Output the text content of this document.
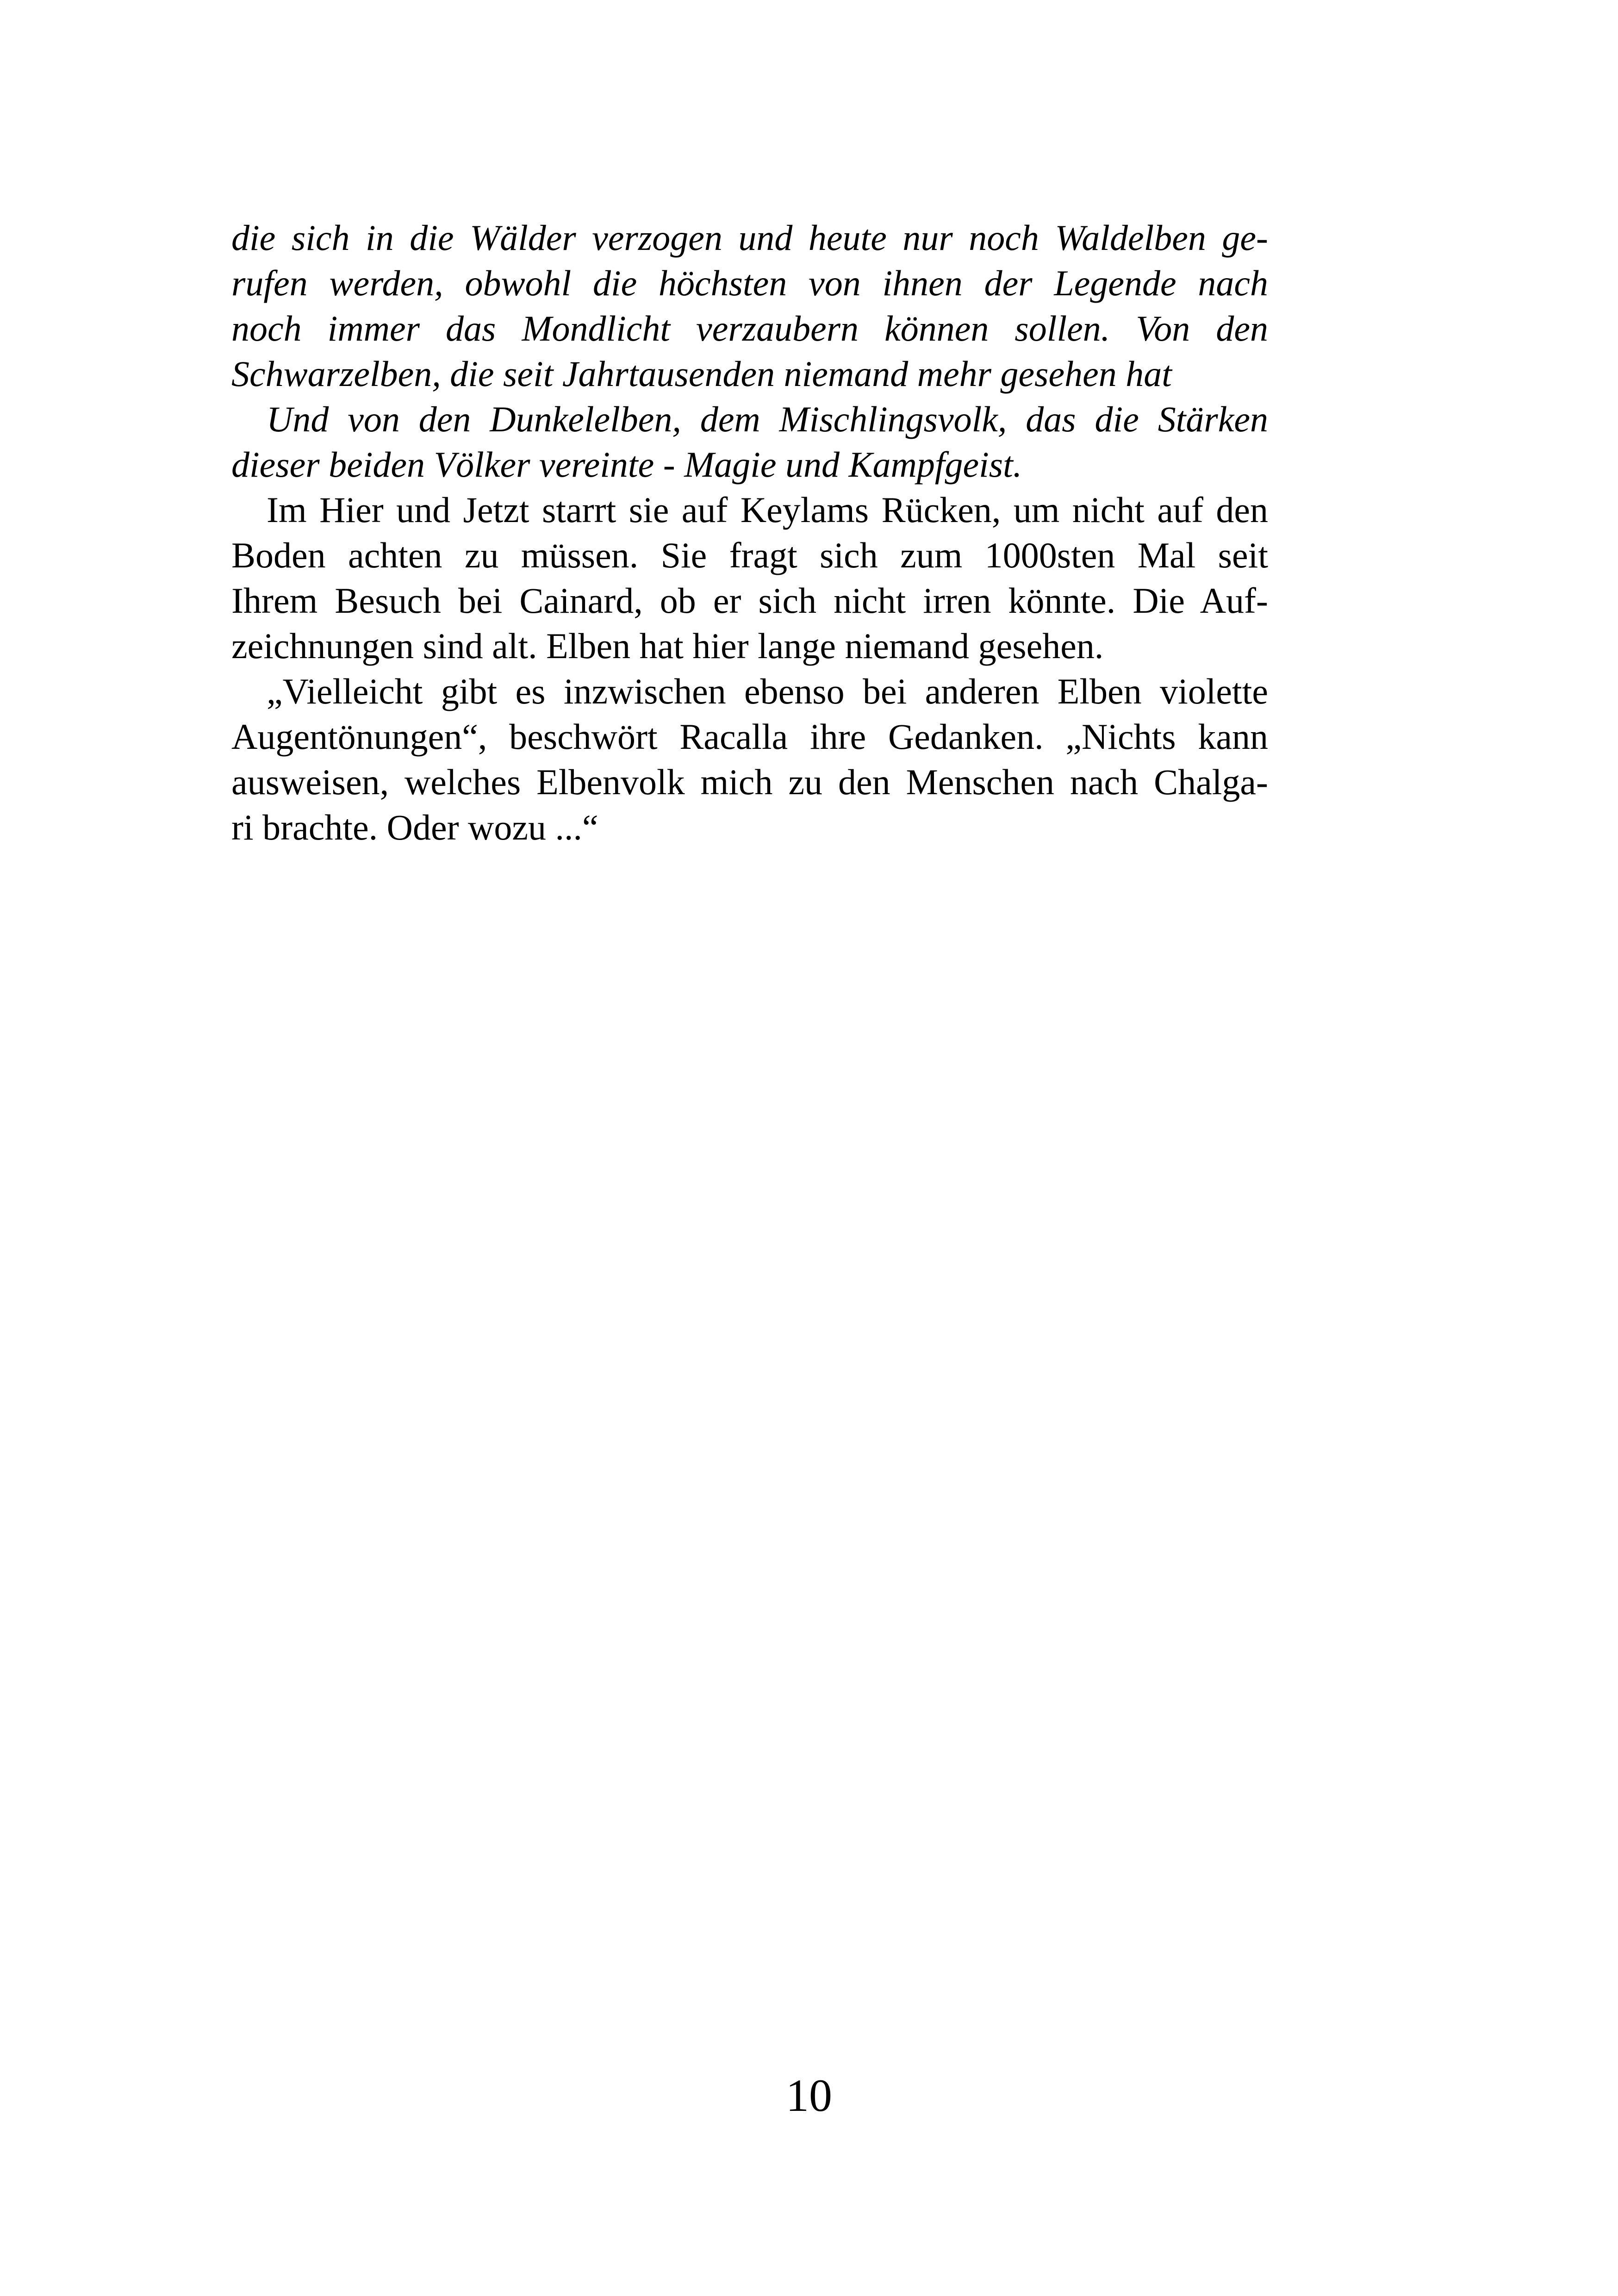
die sich in die Wälder verzogen und heute nur noch Waldelben ge-
rufen werden, obwohl die höchsten von ihnen der Legende nach
noch immer das Mondlicht verzaubern können sollen. Von den
Schwarzelben, die seit Jahrtausenden niemand mehr gesehen hat
Und von den Dunkelelben, dem Mischlingsvolk, das die Stärken
dieser beiden Völker vereinte - Magie und Kampfgeist.
Im Hier und Jetzt starrt sie auf Keylams Rücken, um nicht auf den
Boden achten zu müssen. Sie fragt sich zum 1000sten Mal seit
Ihrem Besuch bei Cainard, ob er sich nicht irren könnte. Die Auf-
zeichnungen sind alt. Elben hat hier lange niemand gesehen.
„Vielleicht gibt es inzwischen ebenso bei anderen Elben violette
Augentönungen“, beschwört Racalla ihre Gedanken. „Nichts kann
ausweisen, welches Elbenvolk mich zu den Menschen nach Chalga-
ri brachte. Oder wozu ...“
10
